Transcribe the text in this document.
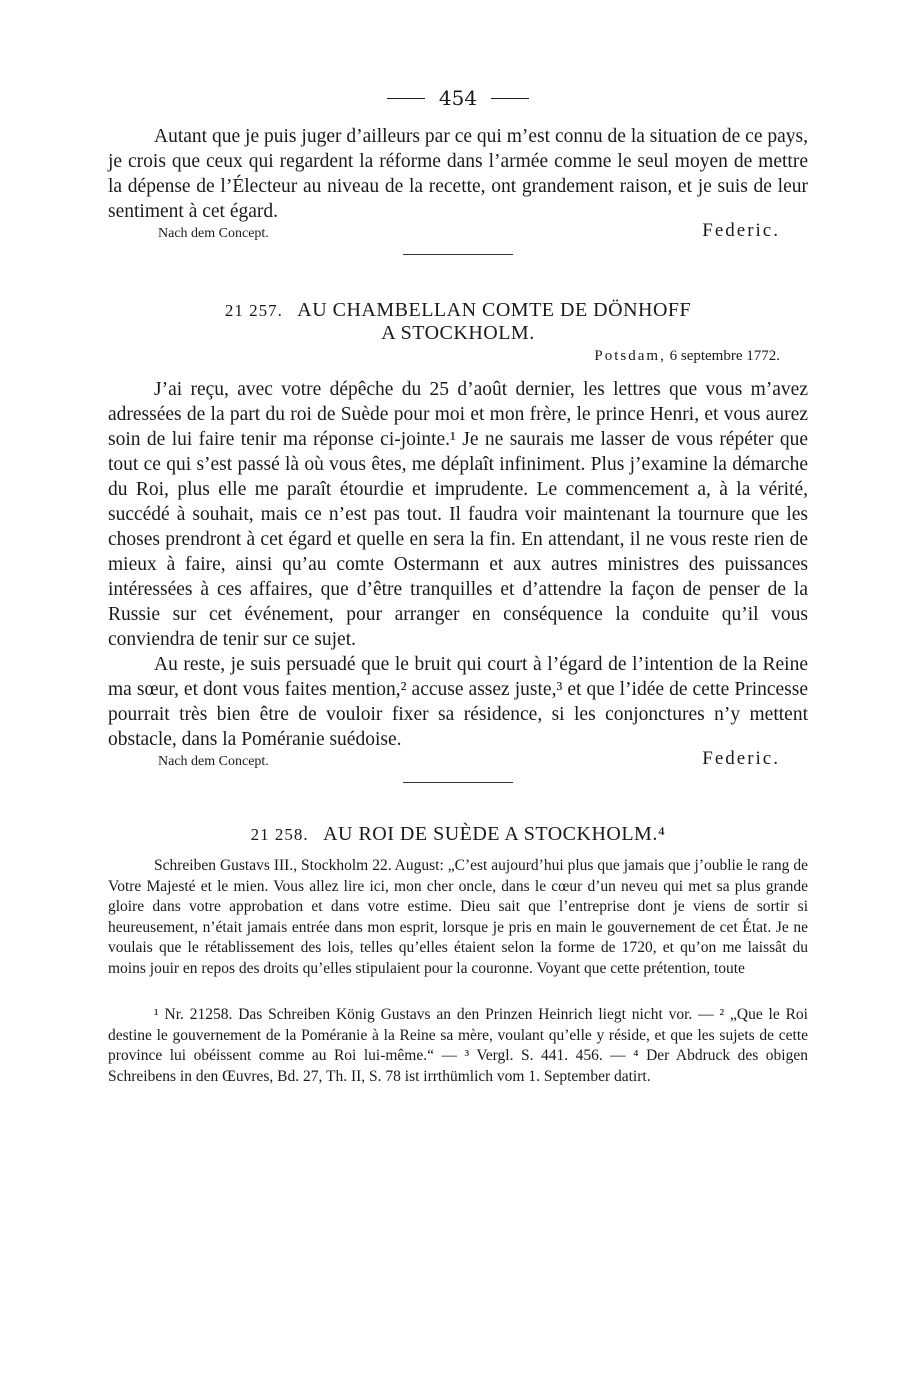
454

Autant que je puis juger d’ailleurs par ce qui m’est connu de la situation de ce pays, je crois que ceux qui regardent la réforme dans l’armée comme le seul moyen de mettre la dépense de l’Électeur au niveau de la recette, ont grandement raison, et je suis de leur sentiment à cet égard.

Nach dem Concept.	Federic.
21 257. AU CHAMBELLAN COMTE DE DÖNHOFF
A STOCKHOLM.
Potsdam, 6 septembre 1772.

J’ai reçu, avec votre dépêche du 25 d’août dernier, les lettres que vous m’avez adressées de la part du roi de Suède pour moi et mon frère, le prince Henri, et vous aurez soin de lui faire tenir ma réponse ci-jointe.¹ Je ne saurais me lasser de vous répéter que tout ce qui s’est passé là où vous êtes, me déplaît infiniment. Plus j’examine la démarche du Roi, plus elle me paraît étourdie et imprudente. Le commencement a, à la vérité, succédé à souhait, mais ce n’est pas tout. Il faudra voir maintenant la tournure que les choses prendront à cet égard et quelle en sera la fin. En attendant, il ne vous reste rien de mieux à faire, ainsi qu’au comte Ostermann et aux autres ministres des puissances intéressées à ces affaires, que d’être tranquilles et d’attendre la façon de penser de la Russie sur cet événement, pour arranger en conséquence la conduite qu’il vous conviendra de tenir sur ce sujet.

Au reste, je suis persuadé que le bruit qui court à l’égard de l’intention de la Reine ma sœur, et dont vous faites mention,² accuse assez juste,³ et que l’idée de cette Princesse pourrait très bien être de vouloir fixer sa résidence, si les conjonctures n’y mettent obstacle, dans la Poméranie suédoise.

Nach dem Concept.	Federic.
21 258. AU ROI DE SUÈDE A STOCKHOLM.⁴

Schreiben Gustavs III., Stockholm 22. August: „C’est aujourd’hui plus que jamais que j’oublie le rang de Votre Majesté et le mien. Vous allez lire ici, mon cher oncle, dans le cœur d’un neveu qui met sa plus grande gloire dans votre approbation et dans votre estime. Dieu sait que l’entreprise dont je viens de sortir si heureusement, n’était jamais entrée dans mon esprit, lorsque je pris en main le gouvernement de cet État. Je ne voulais que le rétablissement des lois, telles qu’elles étaient selon la forme de 1720, et qu’on me laissât du moins jouir en repos des droits qu’elles stipulaient pour la couronne. Voyant que cette prétention, toute

¹ Nr. 21258. Das Schreiben König Gustavs an den Prinzen Heinrich liegt nicht vor. — ² „Que le Roi destine le gouvernement de la Poméranie à la Reine sa mère, voulant qu’elle y réside, et que les sujets de cette province lui obéissent comme au Roi lui-même.“ — ³ Vergl. S. 441. 456. — ⁴ Der Abdruck des obigen Schreibens in den Œuvres, Bd. 27, Th. II, S. 78 ist irrthümlich vom 1. September datirt.
